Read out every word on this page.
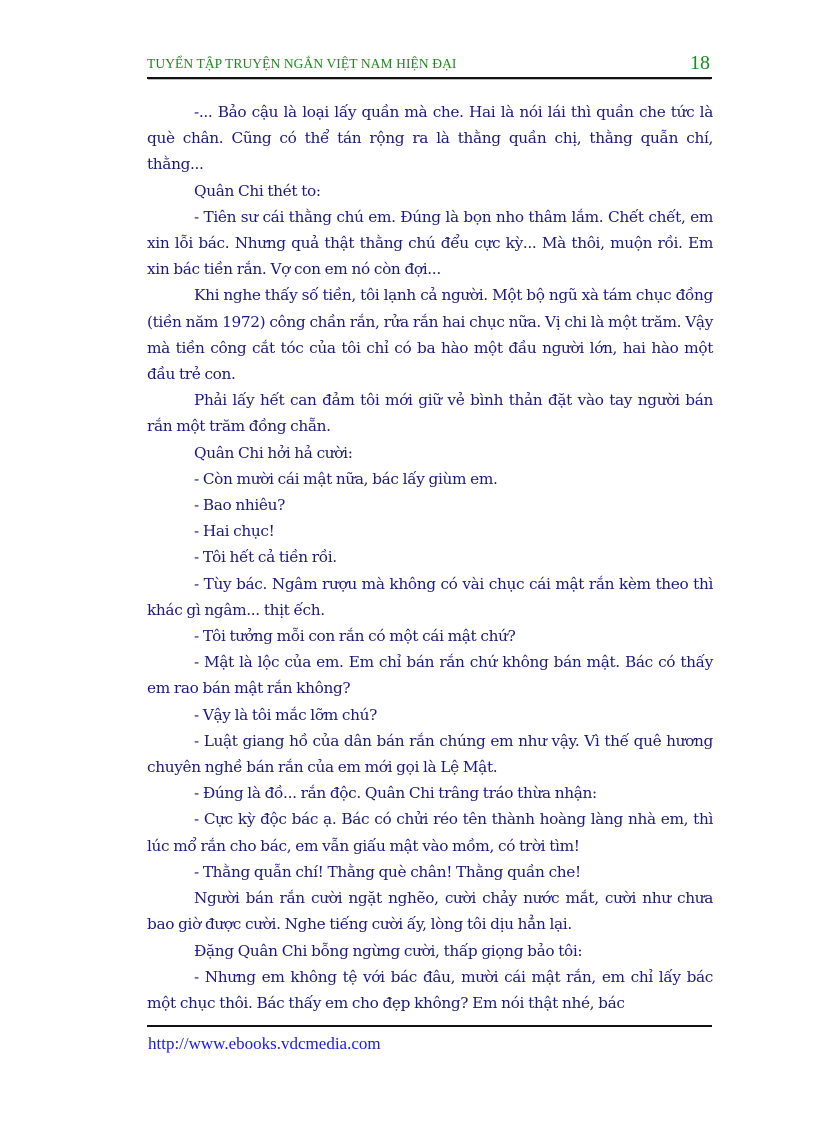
TUYỂN TẬP TRUYỆN NGẮN VIỆT NAM HIỆN ĐẠI	18

-... Bảo cậu là loại lấy quần mà che. Hai là nói lái thì quần che tức là què chân. Cũng có thể tán rộng ra là thằng quần chị, thằng quẫn chí, thằng...

Quân Chi thét to:

- Tiên sư cái thằng chú em. Đúng là bọn nho thâm lắm. Chết chết, em xin lỗi bác. Nhưng quả thật thằng chú đểu cực kỳ... Mà thôi, muộn rồi. Em xin bác tiền rắn. Vợ con em nó còn đợi...

Khi nghe thấy số tiền, tôi lạnh cả người. Một bộ ngũ xà tám chục đồng (tiền năm 1972) công chần rắn, rửa rắn hai chục nữa. Vị chi là một trăm. Vậy mà tiền công cắt tóc của tôi chỉ có ba hào một đầu người lớn, hai hào một đầu trẻ con.

Phải lấy hết can đảm tôi mới giữ vẻ bình thản đặt vào tay người bán rắn một trăm đồng chẵn.

Quân Chi hởi hả cười:

- Còn mười cái mật nữa, bác lấy giùm em.

- Bao nhiêu?

- Hai chục!

- Tôi hết cả tiền rồi.

- Tùy bác. Ngâm rượu mà không có vài chục cái mật rắn kèm theo thì khác gì ngâm... thịt ếch.

- Tôi tưởng mỗi con rắn có một cái mật chứ?

- Mật là lộc của em. Em chỉ bán rắn chứ không bán mật. Bác có thấy em rao bán mật rắn không?

- Vậy là tôi mắc lỡm chú?

- Luật giang hồ của dân bán rắn chúng em như vậy. Vì thế quê hương chuyên nghề bán rắn của em mới gọi là Lệ Mật.

- Đúng là đồ... rắn độc. Quân Chi trâng tráo thừa nhận:

- Cực kỳ độc bác ạ. Bác có chửi réo tên thành hoàng làng nhà em, thì lúc mổ rắn cho bác, em vẫn giấu mật vào mồm, có trời tìm!

- Thằng quẫn chí! Thằng què chân! Thằng quần che!

Người bán rắn cười ngặt nghẽo, cười chảy nước mắt, cười như chưa bao giờ được cười. Nghe tiếng cười ấy, lòng tôi dịu hẳn lại.

Đặng Quân Chi bỗng ngừng cười, thấp giọng bảo tôi:

- Nhưng em không tệ với bác đâu, mười cái mật rắn, em chỉ lấy bác một chục thôi. Bác thấy em cho đẹp không? Em nói thật nhé, bác

http://www.ebooks.vdcmedia.com
